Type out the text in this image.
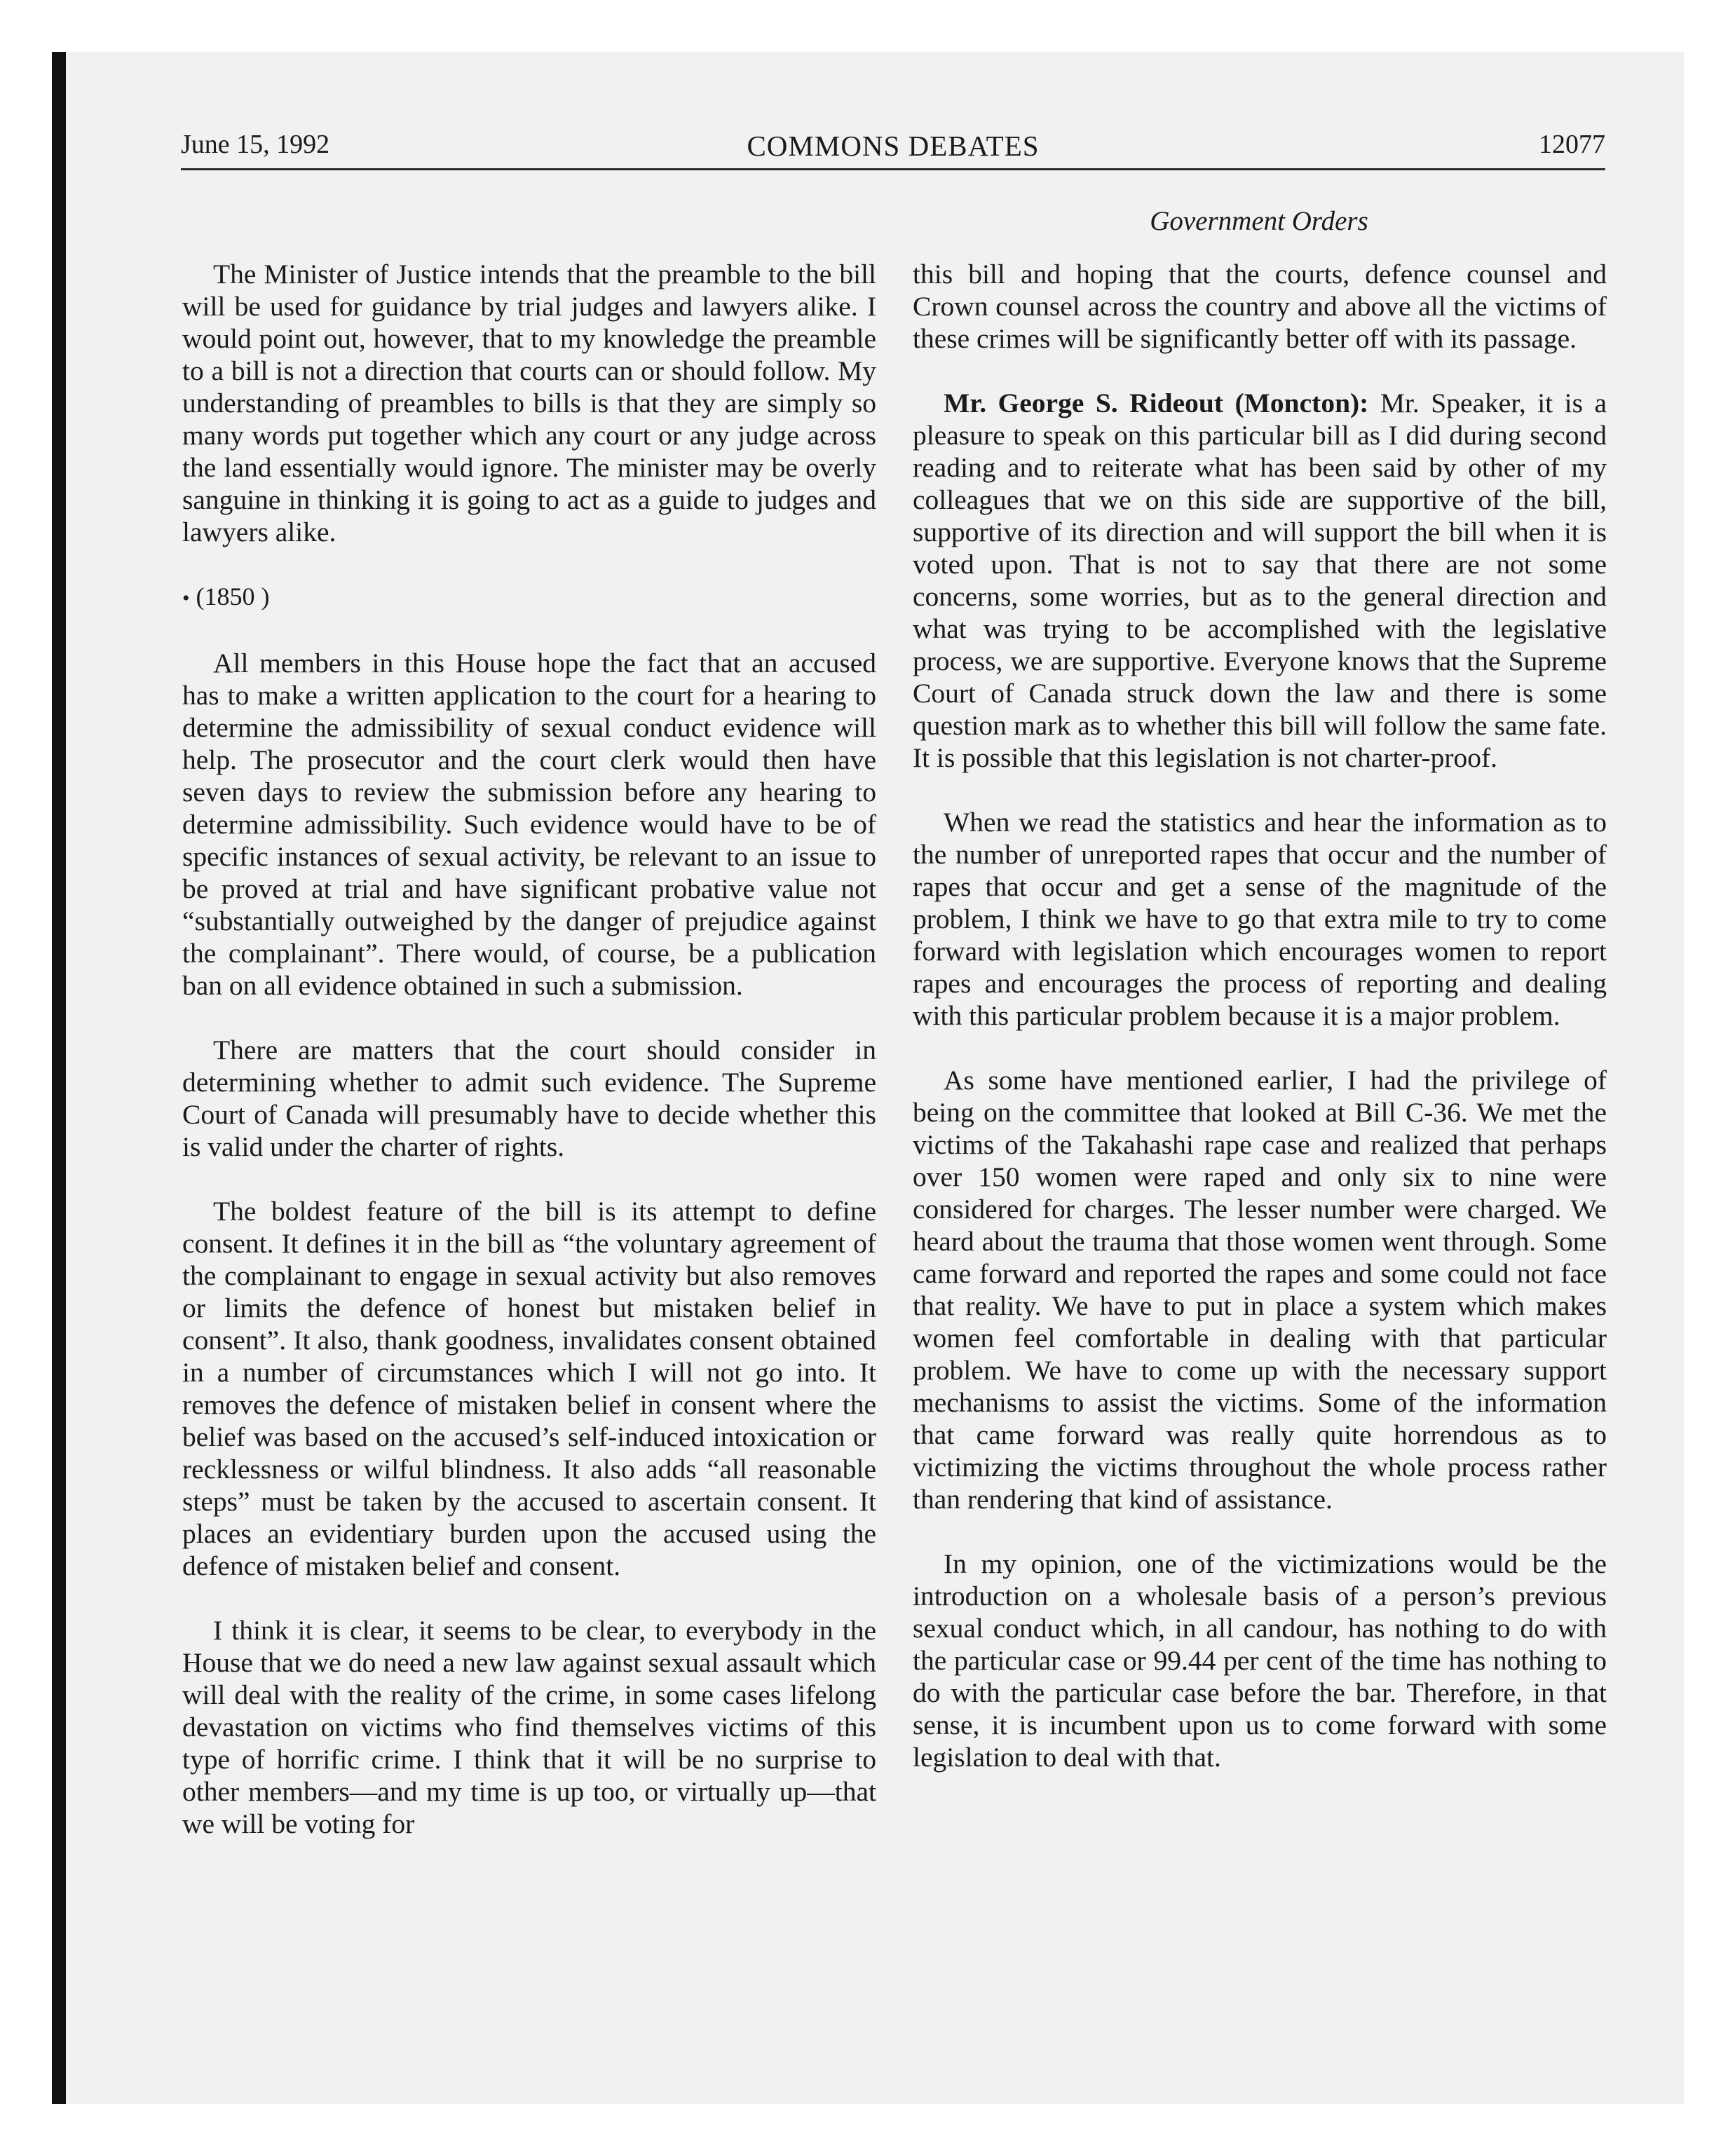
June 15, 1992	COMMONS DEBATES	12077
Government Orders

The Minister of Justice intends that the preamble to the bill will be used for guidance by trial judges and lawyers alike. I would point out, however, that to my knowledge the preamble to a bill is not a direction that courts can or should follow. My understanding of preambles to bills is that they are simply so many words put together which any court or any judge across the land essentially would ignore. The minister may be overly sanguine in thinking it is going to act as a guide to judges and lawyers alike.

• (1850 )

All members in this House hope the fact that an accused has to make a written application to the court for a hearing to determine the admissibility of sexual conduct evidence will help. The prosecutor and the court clerk would then have seven days to review the submission before any hearing to determine admissibility. Such evidence would have to be of specific instances of sexual activity, be relevant to an issue to be proved at trial and have significant probative value not “substantially outweighed by the danger of prejudice against the complainant”. There would, of course, be a publication ban on all evidence obtained in such a submission.

There are matters that the court should consider in determining whether to admit such evidence. The Supreme Court of Canada will presumably have to decide whether this is valid under the charter of rights.

The boldest feature of the bill is its attempt to define consent. It defines it in the bill as “the voluntary agreement of the complainant to engage in sexual activity but also removes or limits the defence of honest but mistaken belief in consent”. It also, thank goodness, invalidates consent obtained in a number of circumstances which I will not go into. It removes the defence of mistaken belief in consent where the belief was based on the accused’s self-induced intoxication or recklessness or wilful blindness. It also adds “all reasonable steps” must be taken by the accused to ascertain consent. It places an evidentiary burden upon the accused using the defence of mistaken belief and consent.

I think it is clear, it seems to be clear, to everybody in the House that we do need a new law against sexual assault which will deal with the reality of the crime, in some cases lifelong devastation on victims who find themselves victims of this type of horrific crime. I think that it will be no surprise to other members—and my time is up too, or virtually up—that we will be voting for

this bill and hoping that the courts, defence counsel and Crown counsel across the country and above all the victims of these crimes will be significantly better off with its passage.

Mr. George S. Rideout (Moncton): Mr. Speaker, it is a pleasure to speak on this particular bill as I did during second reading and to reiterate what has been said by other of my colleagues that we on this side are supportive of the bill, supportive of its direction and will support the bill when it is voted upon. That is not to say that there are not some concerns, some worries, but as to the general direction and what was trying to be accomplished with the legislative process, we are supportive. Everyone knows that the Supreme Court of Canada struck down the law and there is some question mark as to whether this bill will follow the same fate. It is possible that this legislation is not charter-proof.

When we read the statistics and hear the information as to the number of unreported rapes that occur and the number of rapes that occur and get a sense of the magnitude of the problem, I think we have to go that extra mile to try to come forward with legislation which encourages women to report rapes and encourages the process of reporting and dealing with this particular problem because it is a major problem.

As some have mentioned earlier, I had the privilege of being on the committee that looked at Bill C-36. We met the victims of the Takahashi rape case and realized that perhaps over 150 women were raped and only six to nine were considered for charges. The lesser number were charged. We heard about the trauma that those women went through. Some came forward and reported the rapes and some could not face that reality. We have to put in place a system which makes women feel comfortable in dealing with that particular problem. We have to come up with the necessary support mechanisms to assist the victims. Some of the information that came forward was really quite horrendous as to victimizing the victims throughout the whole process rather than rendering that kind of assistance.

In my opinion, one of the victimizations would be the introduction on a wholesale basis of a person’s previous sexual conduct which, in all candour, has nothing to do with the particular case or 99.44 per cent of the time has nothing to do with the particular case before the bar. Therefore, in that sense, it is incumbent upon us to come forward with some legislation to deal with that.
